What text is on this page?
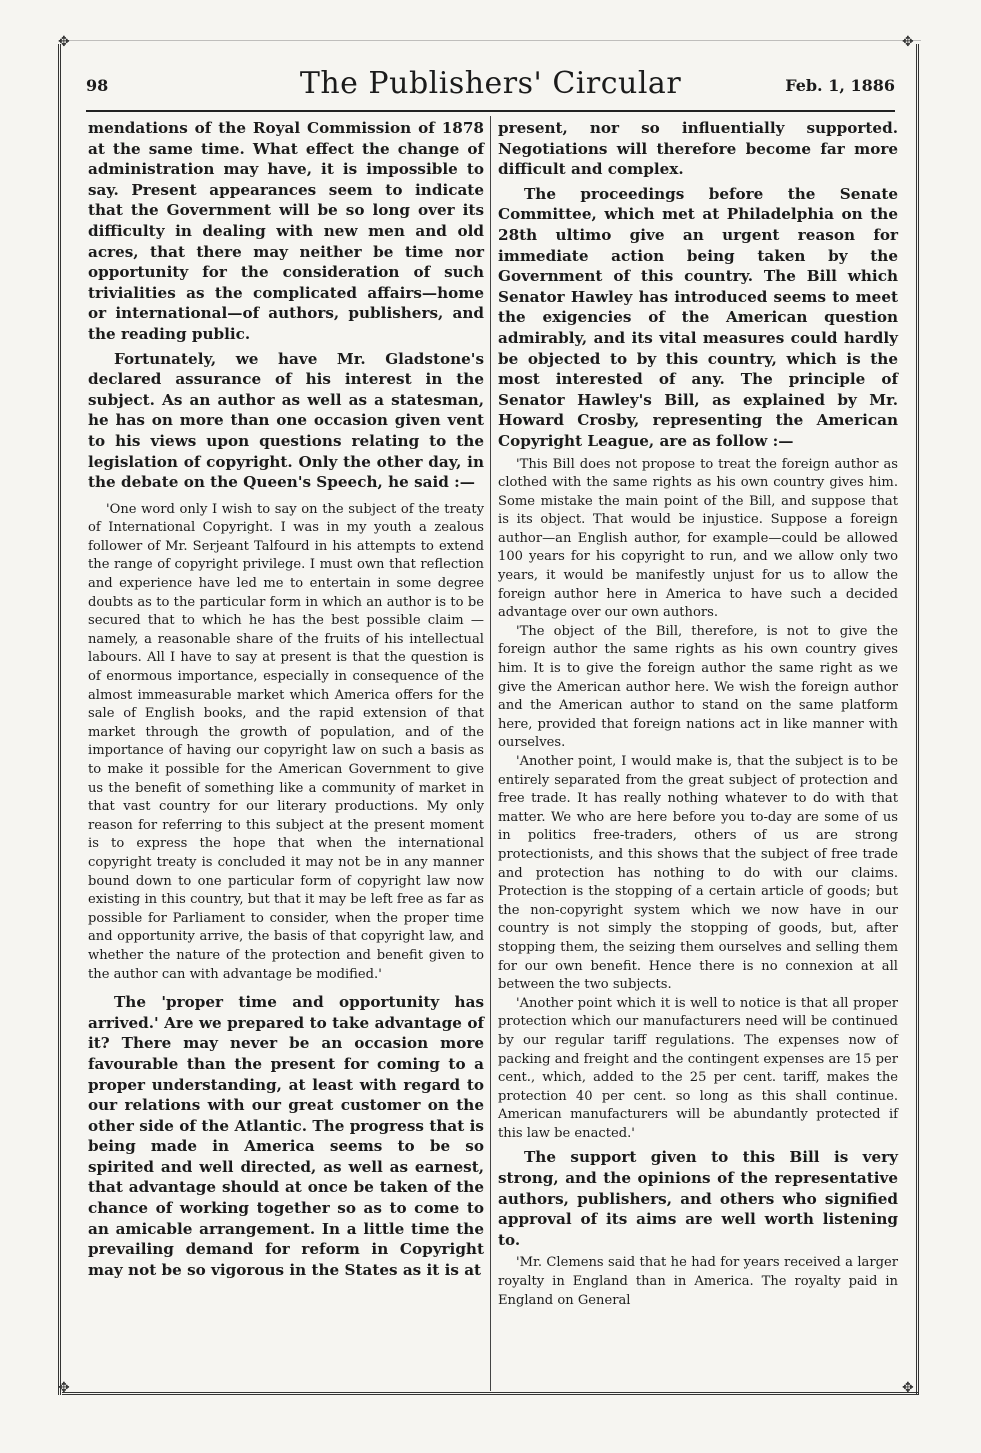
✥	✥
✥	✥
98	The Publishers' Circular	Feb. 1, 1886

mendations of the Royal Commission of 1878 at the same time. What effect the change of administration may have, it is impossible to say. Present appearances seem to indicate that the Government will be so long over its difficulty in dealing with new men and old acres, that there may neither be time nor opportunity for the consideration of such trivialities as the complicated affairs—home or international—of authors, publishers, and the reading public.

Fortunately, we have Mr. Gladstone's declared assurance of his interest in the subject. As an author as well as a statesman, he has on more than one occasion given vent to his views upon questions relating to the legislation of copyright. Only the other day, in the debate on the Queen's Speech, he said :—

'One word only I wish to say on the subject of the treaty of International Copyright. I was in my youth a zealous follower of Mr. Serjeant Talfourd in his attempts to extend the range of copyright privilege. I must own that reflection and experience have led me to entertain in some degree doubts as to the particular form in which an author is to be secured that to which he has the best possible claim —namely, a reasonable share of the fruits of his intellectual labours. All I have to say at present is that the question is of enormous importance, especially in consequence of the almost immeasurable market which America offers for the sale of English books, and the rapid extension of that market through the growth of population, and of the importance of having our copyright law on such a basis as to make it possible for the American Government to give us the benefit of something like a community of market in that vast country for our literary productions. My only reason for referring to this subject at the present moment is to express the hope that when the international copyright treaty is concluded it may not be in any manner bound down to one particular form of copyright law now existing in this country, but that it may be left free as far as possible for Parliament to consider, when the proper time and opportunity arrive, the basis of that copyright law, and whether the nature of the protection and benefit given to the author can with advantage be modified.'

The 'proper time and opportunity has arrived.' Are we prepared to take advantage of it? There may never be an occasion more favourable than the present for coming to a proper understanding, at least with regard to our relations with our great customer on the other side of the Atlantic. The progress that is being made in America seems to be so spirited and well directed, as well as earnest, that advantage should at once be taken of the chance of working together so as to come to an amicable arrangement. In a little time the prevailing demand for reform in Copyright may not be so vigorous in the States as it is at

present, nor so influentially supported. Negotiations will therefore become far more difficult and complex.

The proceedings before the Senate Committee, which met at Philadelphia on the 28th ultimo give an urgent reason for immediate action being taken by the Government of this country. The Bill which Senator Hawley has introduced seems to meet the exigencies of the American question admirably, and its vital measures could hardly be objected to by this country, which is the most interested of any. The principle of Senator Hawley's Bill, as explained by Mr. Howard Crosby, representing the American Copyright League, are as follow :—

'This Bill does not propose to treat the foreign author as clothed with the same rights as his own country gives him. Some mistake the main point of the Bill, and suppose that is its object. That would be injustice. Suppose a foreign author—an English author, for example—could be allowed 100 years for his copyright to run, and we allow only two years, it would be manifestly unjust for us to allow the foreign author here in America to have such a decided advantage over our own authors.

'The object of the Bill, therefore, is not to give the foreign author the same rights as his own country gives him. It is to give the foreign author the same right as we give the American author here. We wish the foreign author and the American author to stand on the same platform here, provided that foreign nations act in like manner with ourselves.

'Another point, I would make is, that the subject is to be entirely separated from the great subject of protection and free trade. It has really nothing whatever to do with that matter. We who are here before you to-day are some of us in politics free-traders, others of us are strong protectionists, and this shows that the subject of free trade and protection has nothing to do with our claims. Protection is the stopping of a certain article of goods; but the non-copyright system which we now have in our country is not simply the stopping of goods, but, after stopping them, the seizing them ourselves and selling them for our own benefit. Hence there is no connexion at all between the two subjects.

'Another point which it is well to notice is that all proper protection which our manufacturers need will be continued by our regular tariff regulations. The expenses now of packing and freight and the contingent expenses are 15 per cent., which, added to the 25 per cent. tariff, makes the protection 40 per cent. so long as this shall continue. American manufacturers will be abundantly protected if this law be enacted.'

The support given to this Bill is very strong, and the opinions of the representative authors, publishers, and others who signified approval of its aims are well worth listening to.

'Mr. Clemens said that he had for years received a larger royalty in England than in America. The royalty paid in England on General
